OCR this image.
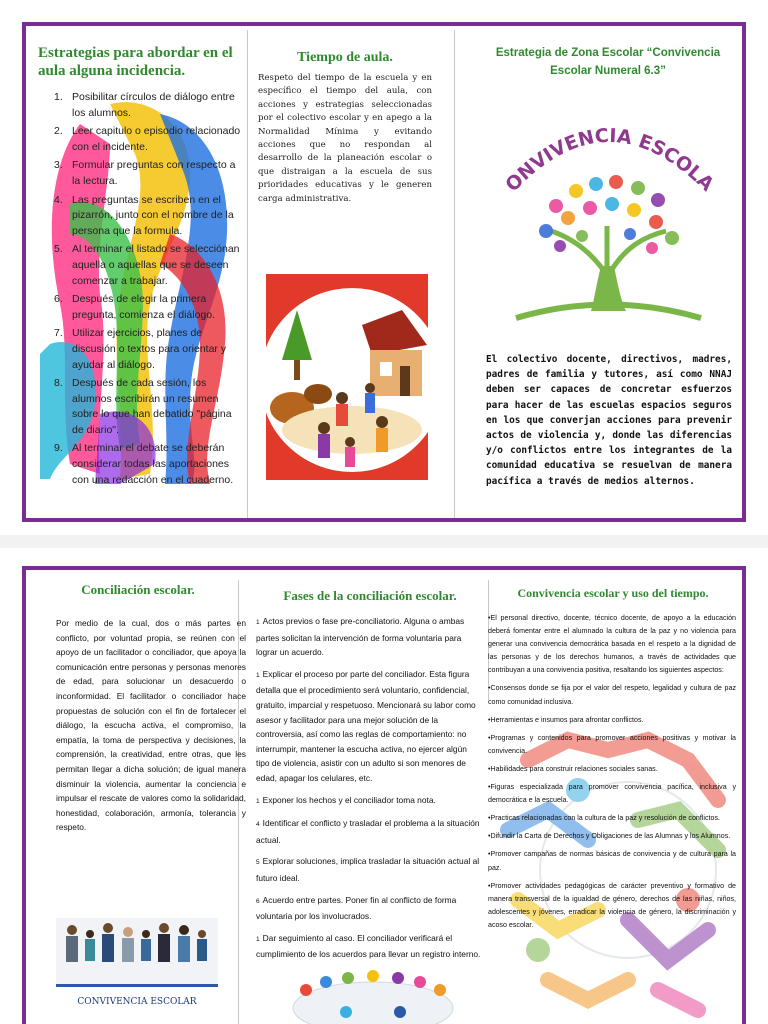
Estrategias para abordar en el aula alguna incidencia.
1. Posibilitar círculos de diálogo entre los alumnos.
2. Leer capitulo o episodio relacionado con el incidente.
3. Formular preguntas con respecto a la lectura.
4. Las preguntas se escriben en el pizarrón, junto con el nombre de la persona que la formula.
5. Al terminar el listado se selecciónan aquella o aquellas que se deseen comenzar a trabajar.
6. Después de elegir la primera pregunta, comienza el diálogo.
7. Utilizar ejercicios, planes de discusión o textos para orientar y ayudar al diálogo.
8. Después de cada sesión, los alumnos escribirán un resumen sobre lo que han debatido "página de diario".
9. Al terminar el debate se deberán considerar todas las aportaciones con una redacción en el cuaderno.
Tiempo de aula.

Respeto del tiempo de la escuela y en específico el tiempo del aula, con acciones y estrategias seleccionadas por el colectivo escolar y en apego a la Normalidad Mínima y evitando acciones que no respondan al desarrollo de la planeación escolar o que distraigan a la escuela de sus prioridades educativas y le generen carga administrativa.

Estrategia de Zona Escolar “Convivencia Escolar Numeral 6.3”
ONVIVENCIA ESCOLA

El colectivo docente, directivos, madres, padres de familia y tutores, así como NNAJ deben ser capaces de concretar esfuerzos para hacer de las escuelas espacios seguros en los que converjan acciones para prevenir actos de violencia y, donde las diferencias y/o conflictos entre los integrantes de la comunidad educativa se resuelvan de manera pacífica a través de medios alternos.

Conciliación escolar.

Por medio de la cual, dos o más partes en conflicto, por voluntad propia, se reúnen con el apoyo de un facilitador o conciliador, que apoya la comunicación entre personas y personas menores de edad, para solucionar un desacuerdo o inconformidad. El facilitador o conciliador hace propuestas de solución con el fin de fortalecer el diálogo, la escucha activa, el compromiso, la empatía, la toma de perspectiva y decisiones, la comprensión, la creatividad, entre otras, que les permitan llegar a dicha solución; de igual manera disminuir la violencia, aumentar la conciencia e impulsar el rescate de valores como la solidaridad, honestidad, colaboración, armonía, tolerancia y respeto.

CONVIVENCIA ESCOLAR
Fases de la conciliación escolar.
1 Actos previos o fase pre-conciliatorio. Alguna o ambas partes solicitan la intervención de forma voluntaria para lograr un acuerdo.
1 Explicar el proceso por parte del conciliador. Esta figura detalla que el procedimiento será voluntario, confidencial, gratuito, imparcial y respetuoso. Mencionará su labor como asesor y facilitador para una mejor solución de la controversia, así como las reglas de comportamiento: no interrumpir, mantener la escucha activa, no ejercer algún tipo de violencia, asistir con un adulto si son menores de edad, apagar los celulares, etc.
1 Exponer los hechos y el conciliador toma nota.
4 Identificar el conflicto y trasladar el problema a la situación actual.
5 Explorar soluciones, implica trasladar la situación actual al futuro ideal.
6 Acuerdo entre partes. Poner fin al conflicto de forma voluntaria por los involucrados.
1 Dar seguimiento al caso. El conciliador verificará el cumplimiento de los acuerdos para llevar un registro interno.
Convivencia escolar y uso del tiempo.
•El personal directivo, docente, técnico docente, de apoyo a la educación deberá fomentar entre el alumnado la cultura de la paz y no violencia para generar una convivencia democrática basada en el respeto a la dignidad de las personas y de los derechos humanos, a través de actividades que contribuyan a una convivencia positiva, resaltando los siguientes aspectos:
•Consensos donde se fija por el valor del respeto, legalidad y cultura de paz como comunidad inclusiva.
•Herramientas e insumos para afrontar conflictos.
•Programas y contenidos para promover acciones positivas y motivar la convivencia.
•Habilidades para construir relaciones sociales sanas.
•Figuras especializada para promover convivencia pacífica, inclusiva y democrática e la escuela.
•Practicas relacionadas con la cultura de la paz y resolución de conflictos.
•Difundir la Carta de Derechos y Obligaciones de las Alumnas y los Alumnos.
•Promover campañas de normas básicas de convivencia y de cultura para la paz.
•Promover actividades pedagógicas de carácter preventivo y formativo de manera transversal de la igualdad de género, derechos de las niñas, niños, adolescentes y jóvenes, erradicar la violencia de género, la discriminación y acoso escolar.
